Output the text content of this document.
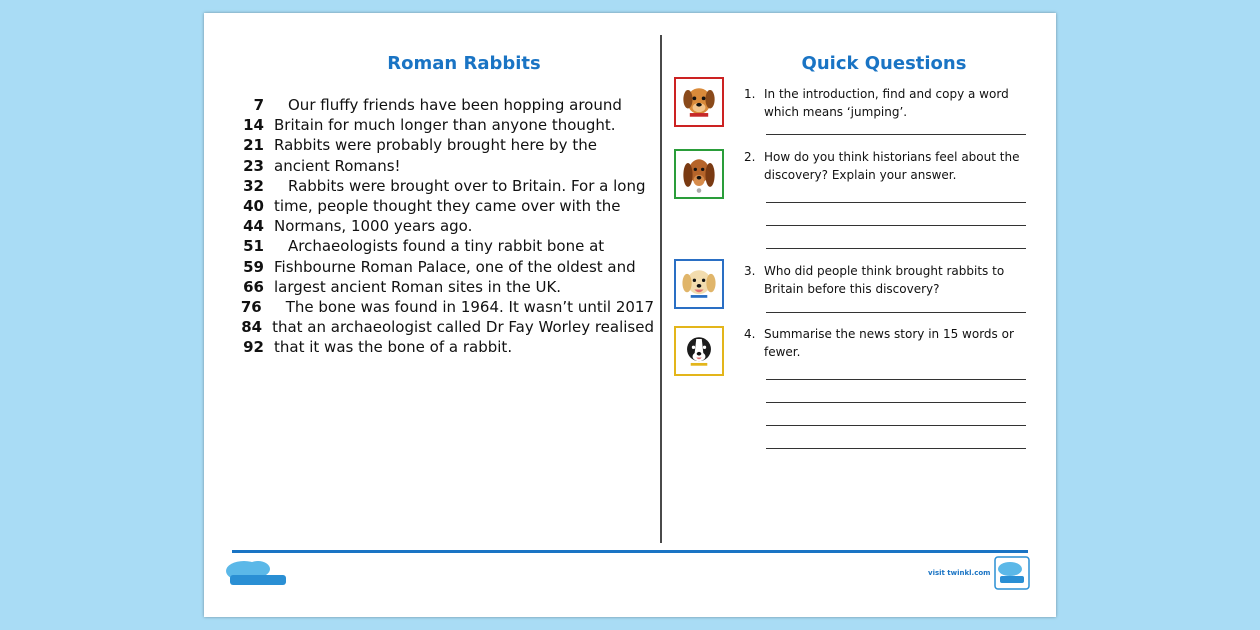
Roman Rabbits
7	Our fluffy friends have been hopping around
14 Britain for much longer than anyone thought.
21 Rabbits were probably brought here by the
23 ancient Romans!
32	Rabbits were brought over to Britain. For a long
40 time, people thought they came over with the
44 Normans, 1000 years ago.
51	Archaeologists found a tiny rabbit bone at
59 Fishbourne Roman Palace, one of the oldest and
66 largest ancient Roman sites in the UK.
76	The bone was found in 1964. It wasn’t until 2017
84 that an archaeologist called Dr Fay Worley realised
92 that it was the bone of a rabbit.
Quick Questions
1. In the introduction, find and copy a word which means ‘jumping’.
2. How do you think historians feel about the discovery? Explain your answer.
3. Who did people think brought rabbits to Britain before this discovery?
4. Summarise the news story in 15 words or fewer.
visit twinkl.com
